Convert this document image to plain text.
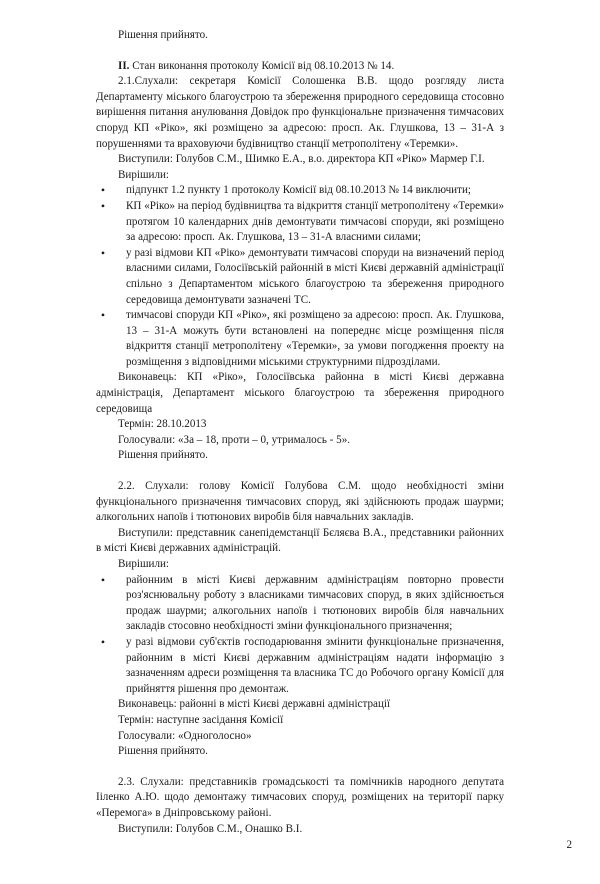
Рішення прийнято.

II. Стан виконання протоколу Комісії від 08.10.2013 № 14.

2.1.Слухали: секретаря Комісії Солошенка В.В. щодо розгляду листа Департаменту міського благоустрою та збереження природного середовища стосовно вирішення питання анулювання Довідок про функціональне призначення тимчасових споруд КП «Ріко», які розміщено за адресою: просп. Ак. Глушкова, 13 – 31-А з порушеннями та враховуючи будівництво станції метрополітену «Теремки».

Виступили: Голубов С.М., Шимко Е.А., в.о. директора КП «Ріко» Мармер Г.І.

Вирішили:

• підпункт 1.2 пункту 1 протоколу Комісії від 08.10.2013 № 14 виключити;
• КП «Ріко» на період будівництва та відкриття станції метрополітену «Теремки» протягом 10 календарних днів демонтувати тимчасові споруди, які розміщено за адресою: просп. Ак. Глушкова, 13 – 31-А власними силами;
• у разі відмови КП «Ріко» демонтувати тимчасові споруди на визначений період власними силами, Голосіївській районній в місті Києві державній адміністрації спільно з Департаментом міського благоустрою та збереження природного середовища демонтувати зазначені ТС.
• тимчасові споруди КП «Ріко», які розміщено за адресою: просп. Ак. Глушкова, 13 – 31-А можуть бути встановлені на попереднє місце розміщення після відкриття станції метрополітену «Теремки», за умови погодження проекту на розміщення з відповідними міськими структурними підрозділами.

Виконавець: КП «Ріко», Голосіївська районна в місті Києві державна адміністрація, Департамент міського благоустрою та збереження природного середовища

Термін: 28.10.2013

Голосували: «За – 18, проти – 0, утрималось - 5».

Рішення прийнято.

2.2. Слухали: голову Комісії Голубова С.М. щодо необхідності зміни функціонального призначення тимчасових споруд, які здійснюють продаж шаурми; алкогольних напоїв і тютюнових виробів біля навчальних закладів.

Виступили: представник санепідемстанції Бєляєва В.А., представники районних в місті Києві державних адміністрацій.

Вирішили:

• районним в місті Києві державним адміністраціям повторно провести роз'яснювальну роботу з власниками тимчасових споруд, в яких здійснюється продаж шаурми; алкогольних напоїв і тютюнових виробів біля навчальних закладів стосовно необхідності зміни функціонального призначення;
• у разі відмови суб'єктів господарювання змінити функціональне призначення, районним в місті Києві державним адміністраціям надати інформацію з зазначенням адреси розміщення та власника ТС до Робочого органу Комісії для прийняття рішення про демонтаж.

Виконавець: районні в місті Києві державні адміністрації

Термін: наступне засідання Комісії

Голосували: «Одноголосно»

Рішення прийнято.

2.3. Слухали: представників громадськості та помічників народного депутата Ііленко А.Ю. щодо демонтажу тимчасових споруд, розміщених на території парку «Перемога» в Дніпровському районі.

Виступили: Голубов С.М., Онашко В.І.

2
